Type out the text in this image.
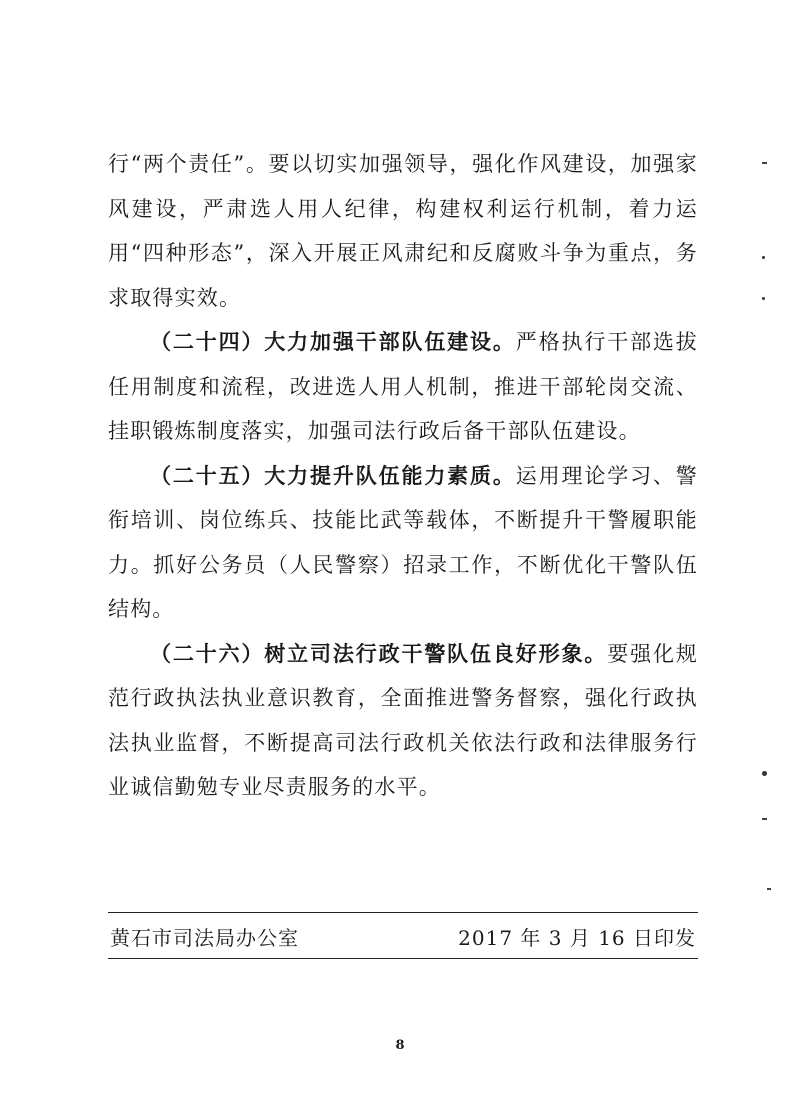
行“两个责任”。要以切实加强领导，强化作风建设，加强家风建设，严肃选人用人纪律，构建权利运行机制，着力运用“四种形态”，深入开展正风肃纪和反腐败斗争为重点，务求取得实效。

（二十四）大力加强干部队伍建设。严格执行干部选拔任用制度和流程，改进选人用人机制，推进干部轮岗交流、挂职锻炼制度落实，加强司法行政后备干部队伍建设。

（二十五）大力提升队伍能力素质。运用理论学习、警衔培训、岗位练兵、技能比武等载体，不断提升干警履职能力。抓好公务员（人民警察）招录工作，不断优化干警队伍结构。

（二十六）树立司法行政干警队伍良好形象。要强化规范行政执法执业意识教育，全面推进警务督察，强化行政执法执业监督，不断提高司法行政机关依法行政和法律服务行业诚信勤勉专业尽责服务的水平。

黄石市司法局办公室	2017 年 3 月 16 日印发
8
